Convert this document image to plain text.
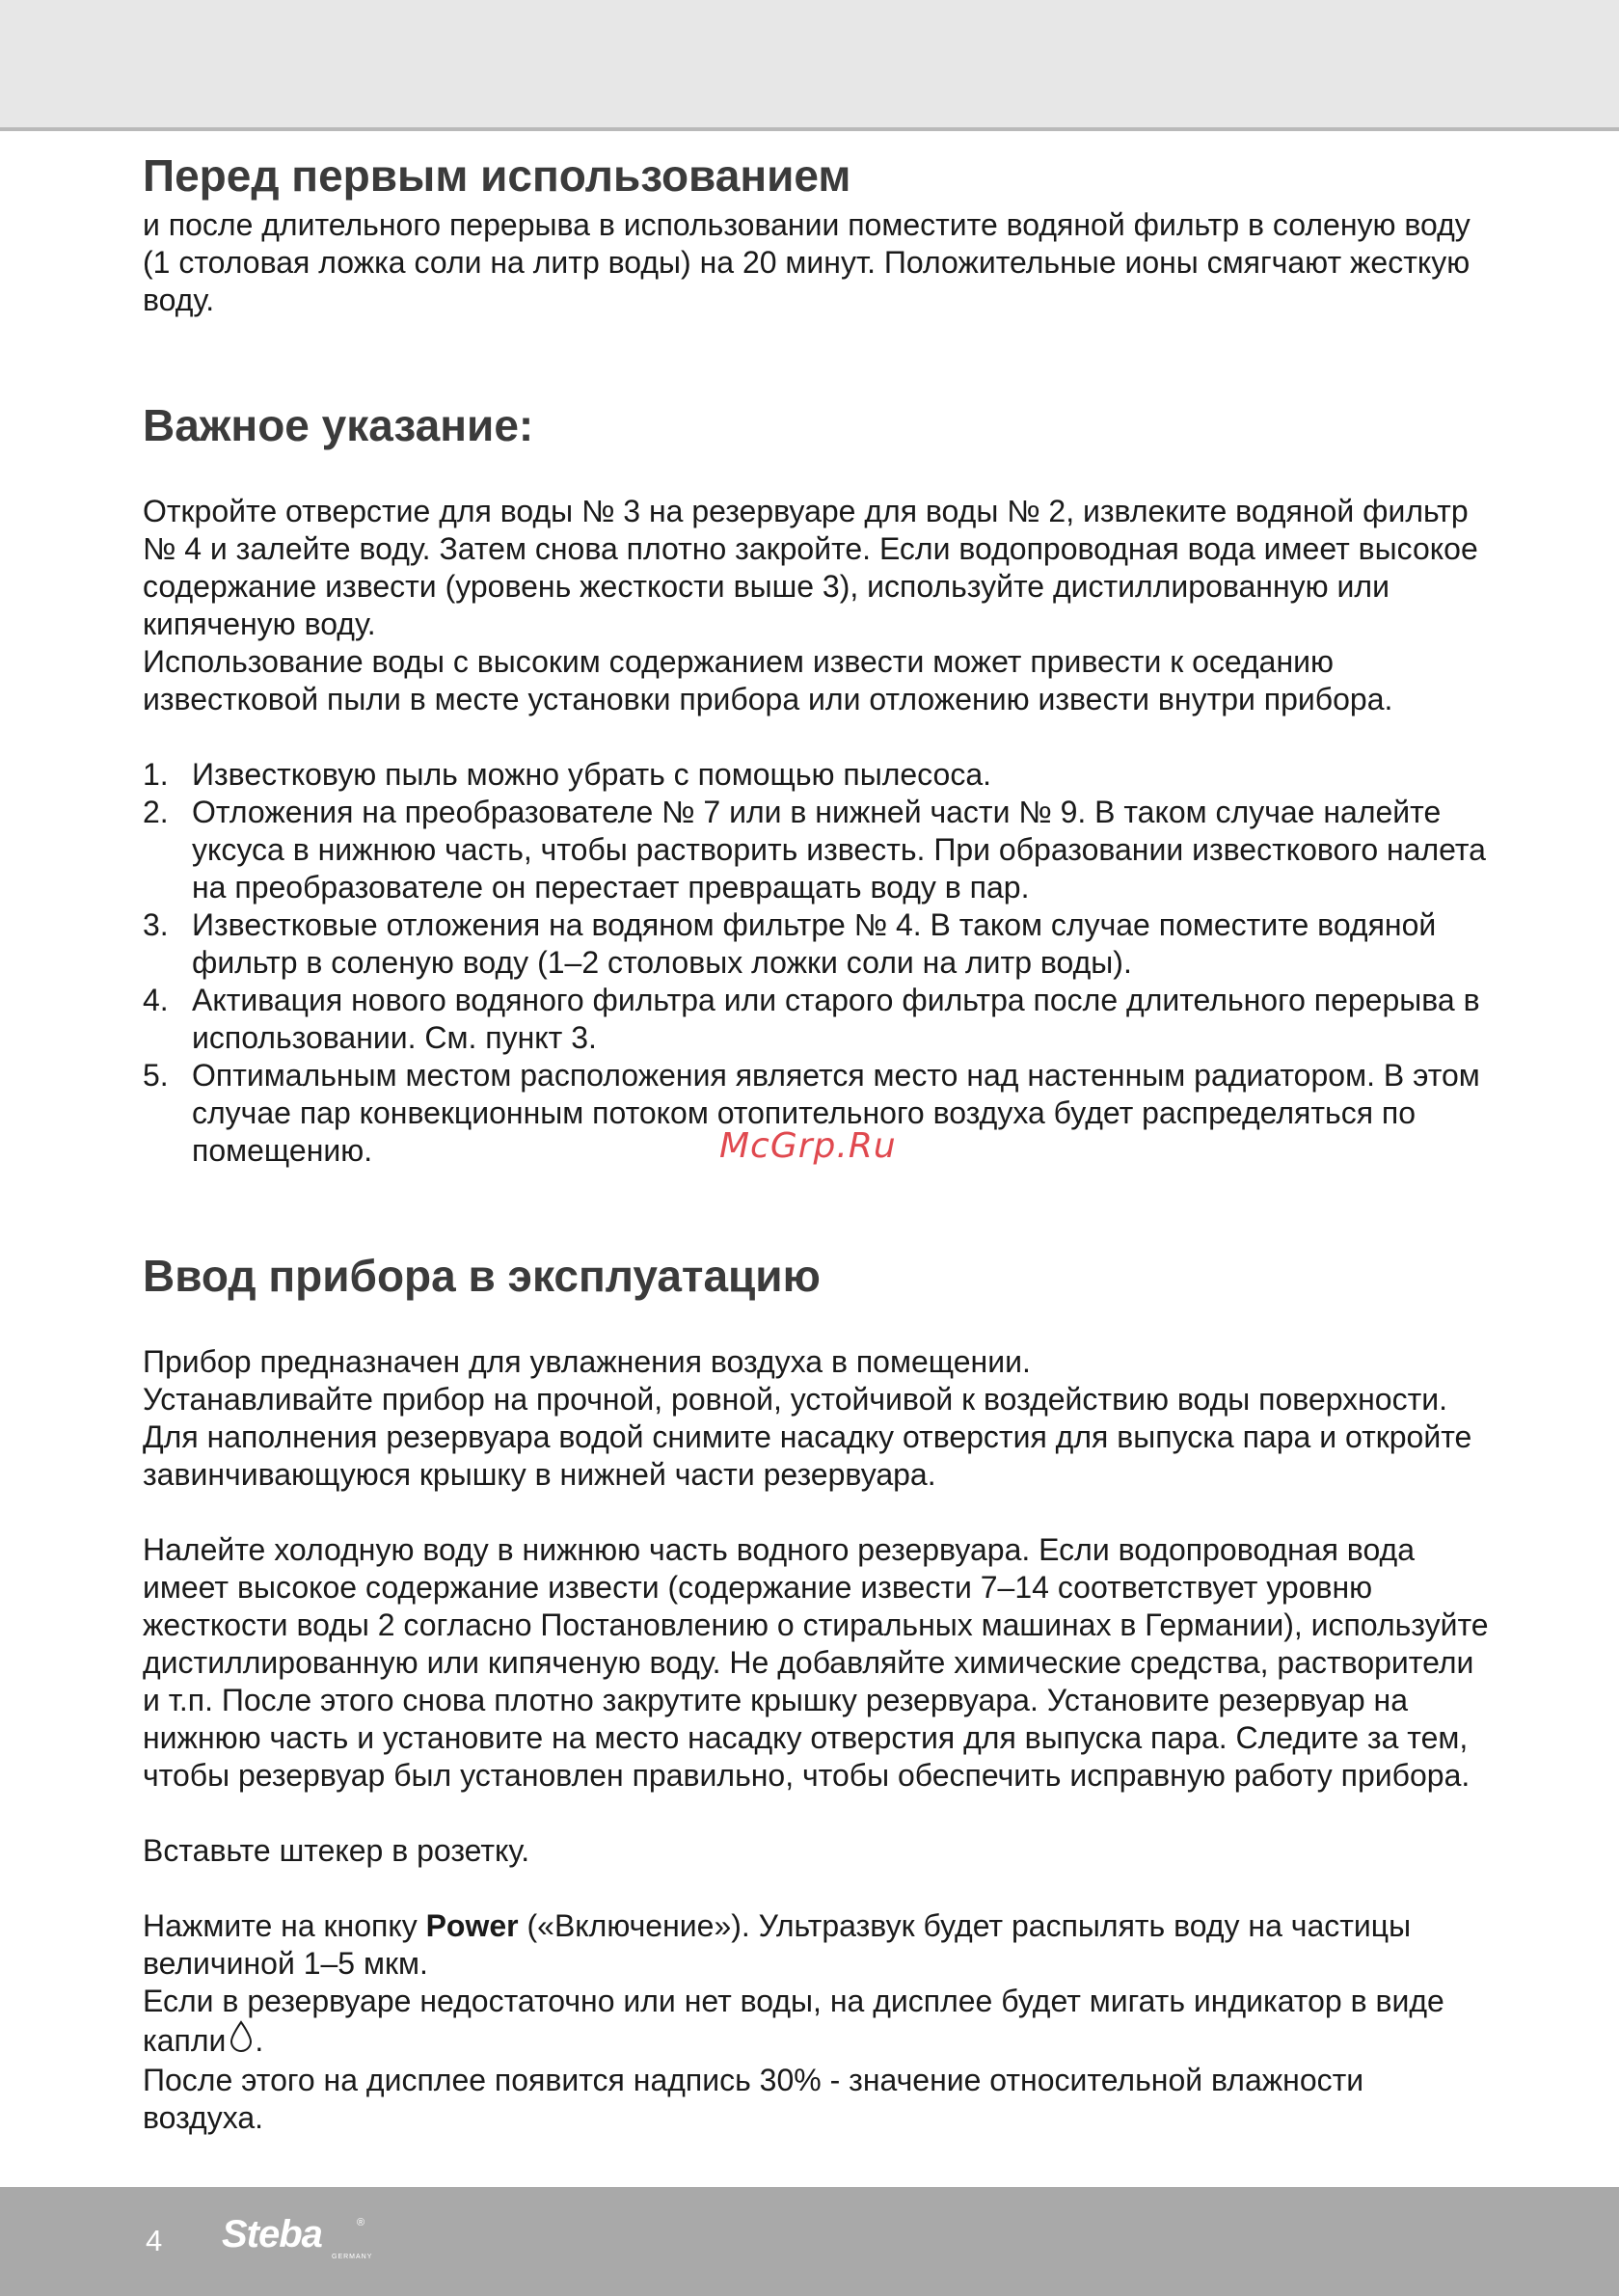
Перед первым использованием

и после длительного перерыва в использовании поместите водяной фильтр в соленую воду (1 столовая ложка соли на литр воды) на 20 минут. Положительные ионы смягчают жесткую воду.

Важное указание:

Откройте отверстие для воды № 3 на резервуаре для воды № 2, извлеките водяной фильтр № 4 и залейте воду. Затем снова плотно закройте. Если водопроводная вода имеет высокое содержание извести (уровень жесткости выше 3), используйте дистиллированную или кипяченую воду.

Использование воды с высоким содержанием извести может привести к оседанию известковой пыли в месте установки прибора или отложению извести внутри прибора.

1. Известковую пыль можно убрать с помощью пылесоса.
2. Отложения на преобразователе № 7 или в нижней части № 9. В таком случае налейте уксуса в нижнюю часть, чтобы растворить известь. При образовании известкового налета на преобразователе он перестает превращать воду в пар.
3. Известковые отложения на водяном фильтре № 4. В таком случае поместите водяной фильтр в соленую воду (1–2 столовых ложки соли на литр воды).
4. Активация нового водяного фильтра или старого фильтра после длительного перерыва в использовании. См. пункт 3.
5. Оптимальным местом расположения является место над настенным радиатором. В этом случае пар конвекционным потоком отопительного воздуха будет распределяться по помещению.
Ввод прибора в эксплуатацию

Прибор предназначен для увлажнения воздуха в помещении.

Устанавливайте прибор на прочной, ровной, устойчивой к воздействию воды поверхности. Для наполнения резервуара водой снимите насадку отверстия для выпуска пара и откройте завинчивающуюся крышку в нижней части резервуара.

Налейте холодную воду в нижнюю часть водного резервуара. Если водопроводная вода имеет высокое содержание извести (содержание извести 7–14 соответствует уровню жесткости воды 2 согласно Постановлению о стиральных машинах в Германии), используйте дистиллированную или кипяченую воду. Не добавляйте химические средства, растворители и т.п. После этого снова плотно закрутите крышку резервуара. Установите резервуар на нижнюю часть и установите на место насадку отверстия для выпуска пара. Следите за тем, чтобы резервуар был установлен правильно, чтобы обеспечить исправную работу прибора.

Вставьте штекер в розетку.

Нажмите на кнопку Power («Включение»). Ультразвук будет распылять воду на частицы величиной 1–5 мкм.

Если в резервуаре недостаточно или нет воды, на дисплее будет мигать индикатор в виде капли .

После этого на дисплее появится надпись 30% - значение относительной влажности воздуха.

McGrp.Ru
4 Steba	®
GERMANY
